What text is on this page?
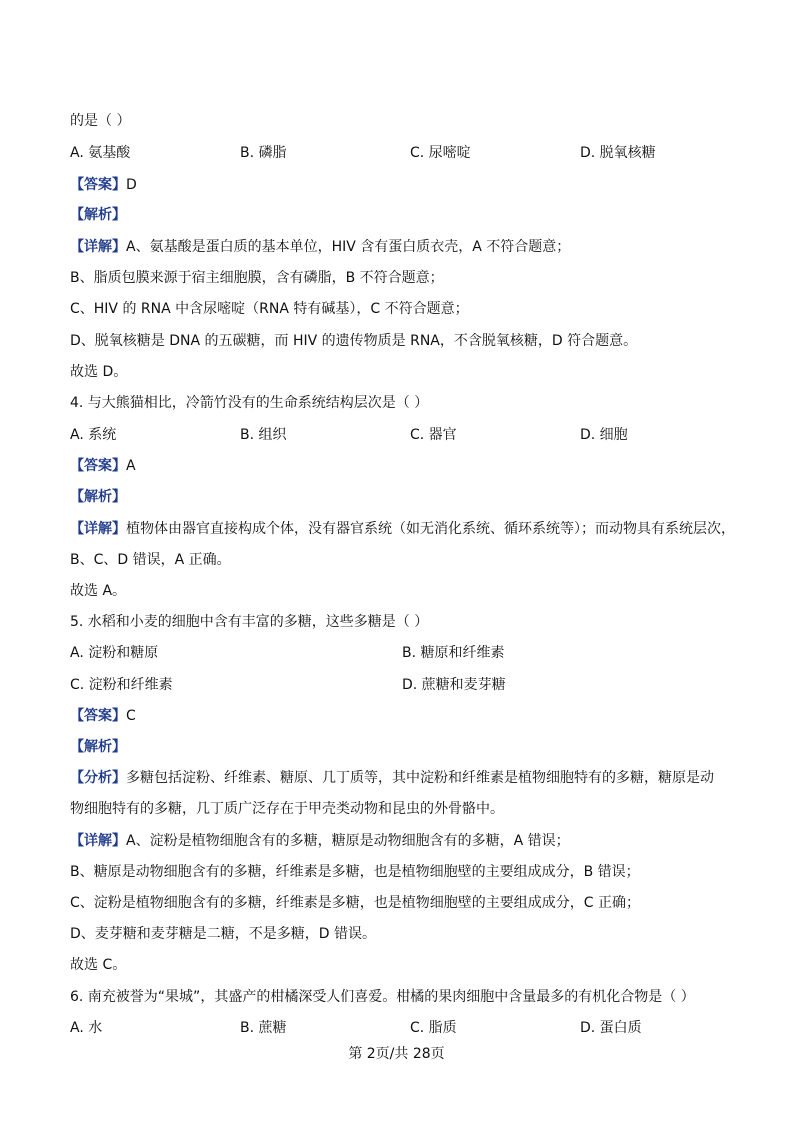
的是（ ）
A. 氨基酸	B. 磷脂	C. 尿嘧啶	D. 脱氧核糖
【答案】D
【解析】
【详解】A、氨基酸是蛋白质的基本单位，HIV 含有蛋白质衣壳，A 不符合题意；
B、脂质包膜来源于宿主细胞膜，含有磷脂，B 不符合题意；
C、HIV 的 RNA 中含尿嘧啶（RNA 特有碱基），C 不符合题意；
D、脱氧核糖是 DNA 的五碳糖，而 HIV 的遗传物质是 RNA，不含脱氧核糖，D 符合题意。
故选 D。
4. 与大熊猫相比，冷箭竹没有的生命系统结构层次是（ ）
A. 系统	B. 组织	C. 器官	D. 细胞
【答案】A
【解析】
【详解】植物体由器官直接构成个体，没有器官系统（如无消化系统、循环系统等）；而动物具有系统层次，
B、C、D 错误，A 正确。
故选 A。
5. 水稻和小麦的细胞中含有丰富的多糖，这些多糖是（ ）
A. 淀粉和糖原	B. 糖原和纤维素
C. 淀粉和纤维素	D. 蔗糖和麦芽糖
【答案】C
【解析】
【分析】多糖包括淀粉、纤维素、糖原、几丁质等，其中淀粉和纤维素是植物细胞特有的多糖，糖原是动
物细胞特有的多糖，几丁质广泛存在于甲壳类动物和昆虫的外骨骼中。
【详解】A、淀粉是植物细胞含有的多糖，糖原是动物细胞含有的多糖，A 错误；
B、糖原是动物细胞含有的多糖，纤维素是多糖，也是植物细胞壁的主要组成成分，B 错误；
C、淀粉是植物细胞含有的多糖，纤维素是多糖，也是植物细胞壁的主要组成成分，C 正确；
D、麦芽糖和麦芽糖是二糖，不是多糖，D 错误。
故选 C。
6. 南充被誉为“果城”，其盛产的柑橘深受人们喜爱。柑橘的果肉细胞中含量最多的有机化合物是（ ）
A. 水	B. 蔗糖	C. 脂质	D. 蛋白质
第 2页/共 28页
